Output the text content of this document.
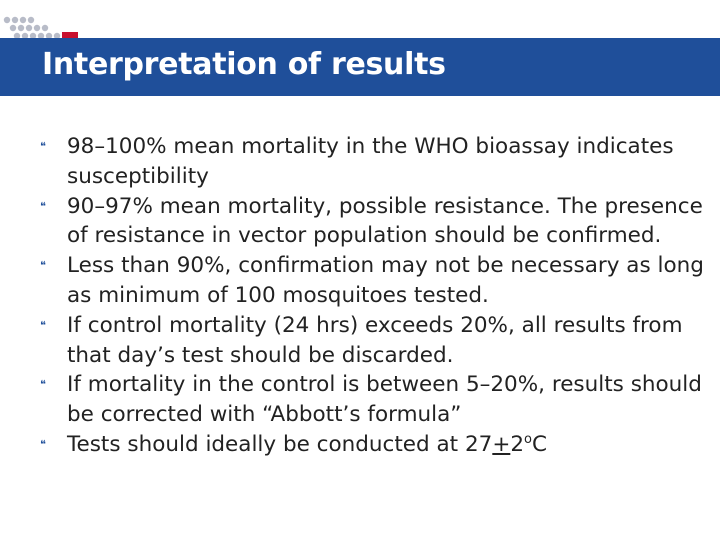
Interpretation of results
❝ 98–100% mean mortality in the WHO bioassay indicates susceptibility
❝ 90–97% mean mortality, possible resistance. The presence of resistance in vector population should be confirmed.
❝ Less than 90%, confirmation may not be necessary as long as minimum of 100 mosquitoes tested.
❝ If control mortality (24 hrs) exceeds 20%, all results from that day’s test should be discarded.
❝ If mortality in the control is between 5–20%, results should be corrected with “Abbott’s formula”
❝ Tests should ideally be conducted at $27+2^oC$
